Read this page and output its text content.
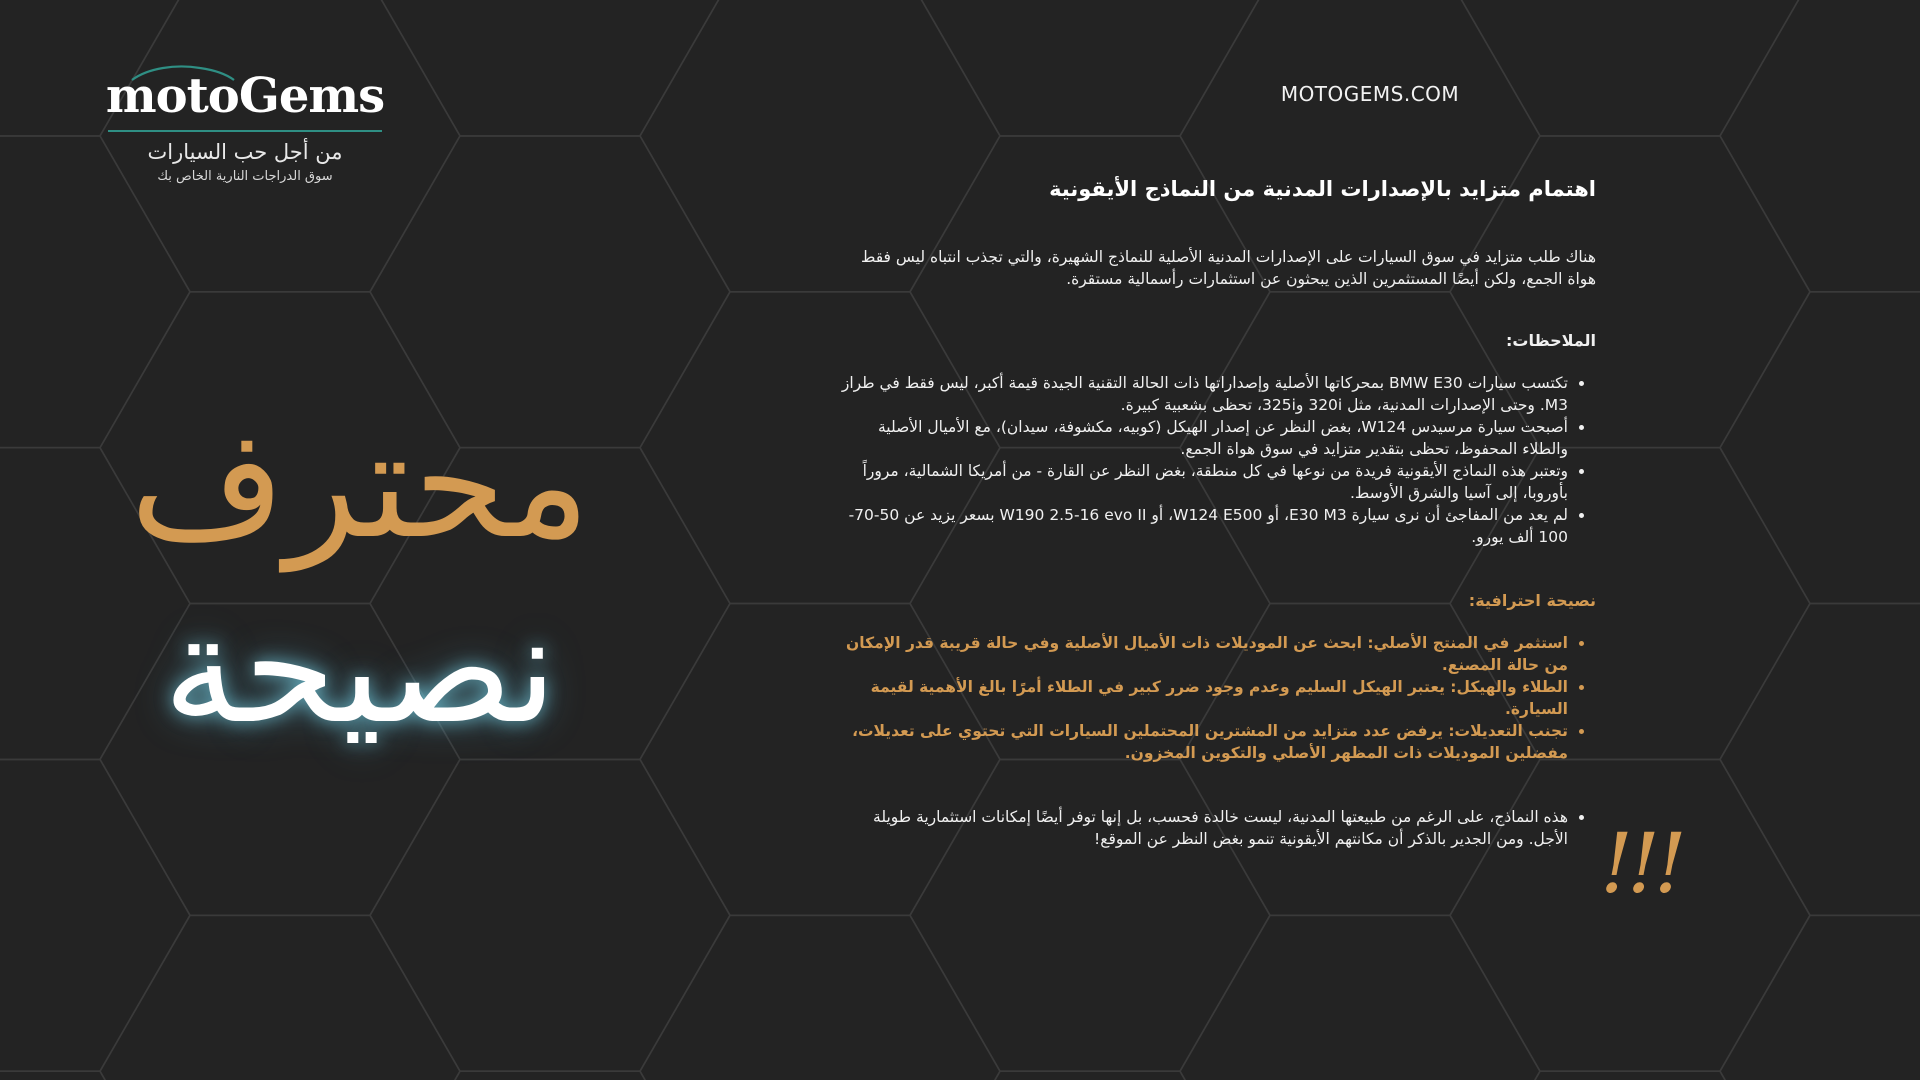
motoGems
من أجل حب السيارات
سوق الدراجات النارية الخاص بك
MOTOGEMS.COM
محترف
نصيحة
اهتمام متزايد بالإصدارات المدنية من النماذج الأيقونية
هناك طلب متزايد في سوق السيارات على الإصدارات المدنية الأصلية للنماذج الشهيرة، والتي تجذب انتباه ليس فقط هواة الجمع، ولكن أيضًا المستثمرين الذين يبحثون عن استثمارات رأسمالية مستقرة.
الملاحظات:
• تكتسب سيارات BMW E30 بمحركاتها الأصلية وإصداراتها ذات الحالة التقنية الجيدة قيمة أكبر، ليس فقط في طراز M3. وحتى الإصدارات المدنية، مثل 320i و325i، تحظى بشعبية كبيرة.
• أصبحت سيارة مرسيدس W124، بغض النظر عن إصدار الهيكل (كوبيه، مكشوفة، سيدان)، مع الأميال الأصلية والطلاء المحفوظ، تحظى بتقدير متزايد في سوق هواة الجمع.
• وتعتبر هذه النماذج الأيقونية فريدة من نوعها في كل منطقة، بغض النظر عن القارة - من أمريكا الشمالية، مروراً بأوروبا، إلى آسيا والشرق الأوسط.
• لم يعد من المفاجئ أن نرى سيارة E30 M3، أو W124 E500، أو W190 2.5-16 evo II بسعر يزيد عن 50-70-100 ألف يورو.
نصيحة احترافية:
• استثمر في المنتج الأصلي: ابحث عن الموديلات ذات الأميال الأصلية وفي حالة قريبة قدر الإمكان من حالة المصنع.
• الطلاء والهيكل: يعتبر الهيكل السليم وعدم وجود ضرر كبير في الطلاء أمرًا بالغ الأهمية لقيمة السيارة.
• تجنب التعديلات: يرفض عدد متزايد من المشترين المحتملين السيارات التي تحتوي على تعديلات، مفضلين الموديلات ذات المظهر الأصلي والتكوين المخزون.
• هذه النماذج، على الرغم من طبيعتها المدنية، ليست خالدة فحسب، بل إنها توفر أيضًا إمكانات استثمارية طويلة الأجل. ومن الجدير بالذكر أن مكانتهم الأيقونية تنمو بغض النظر عن الموقع! !!!
